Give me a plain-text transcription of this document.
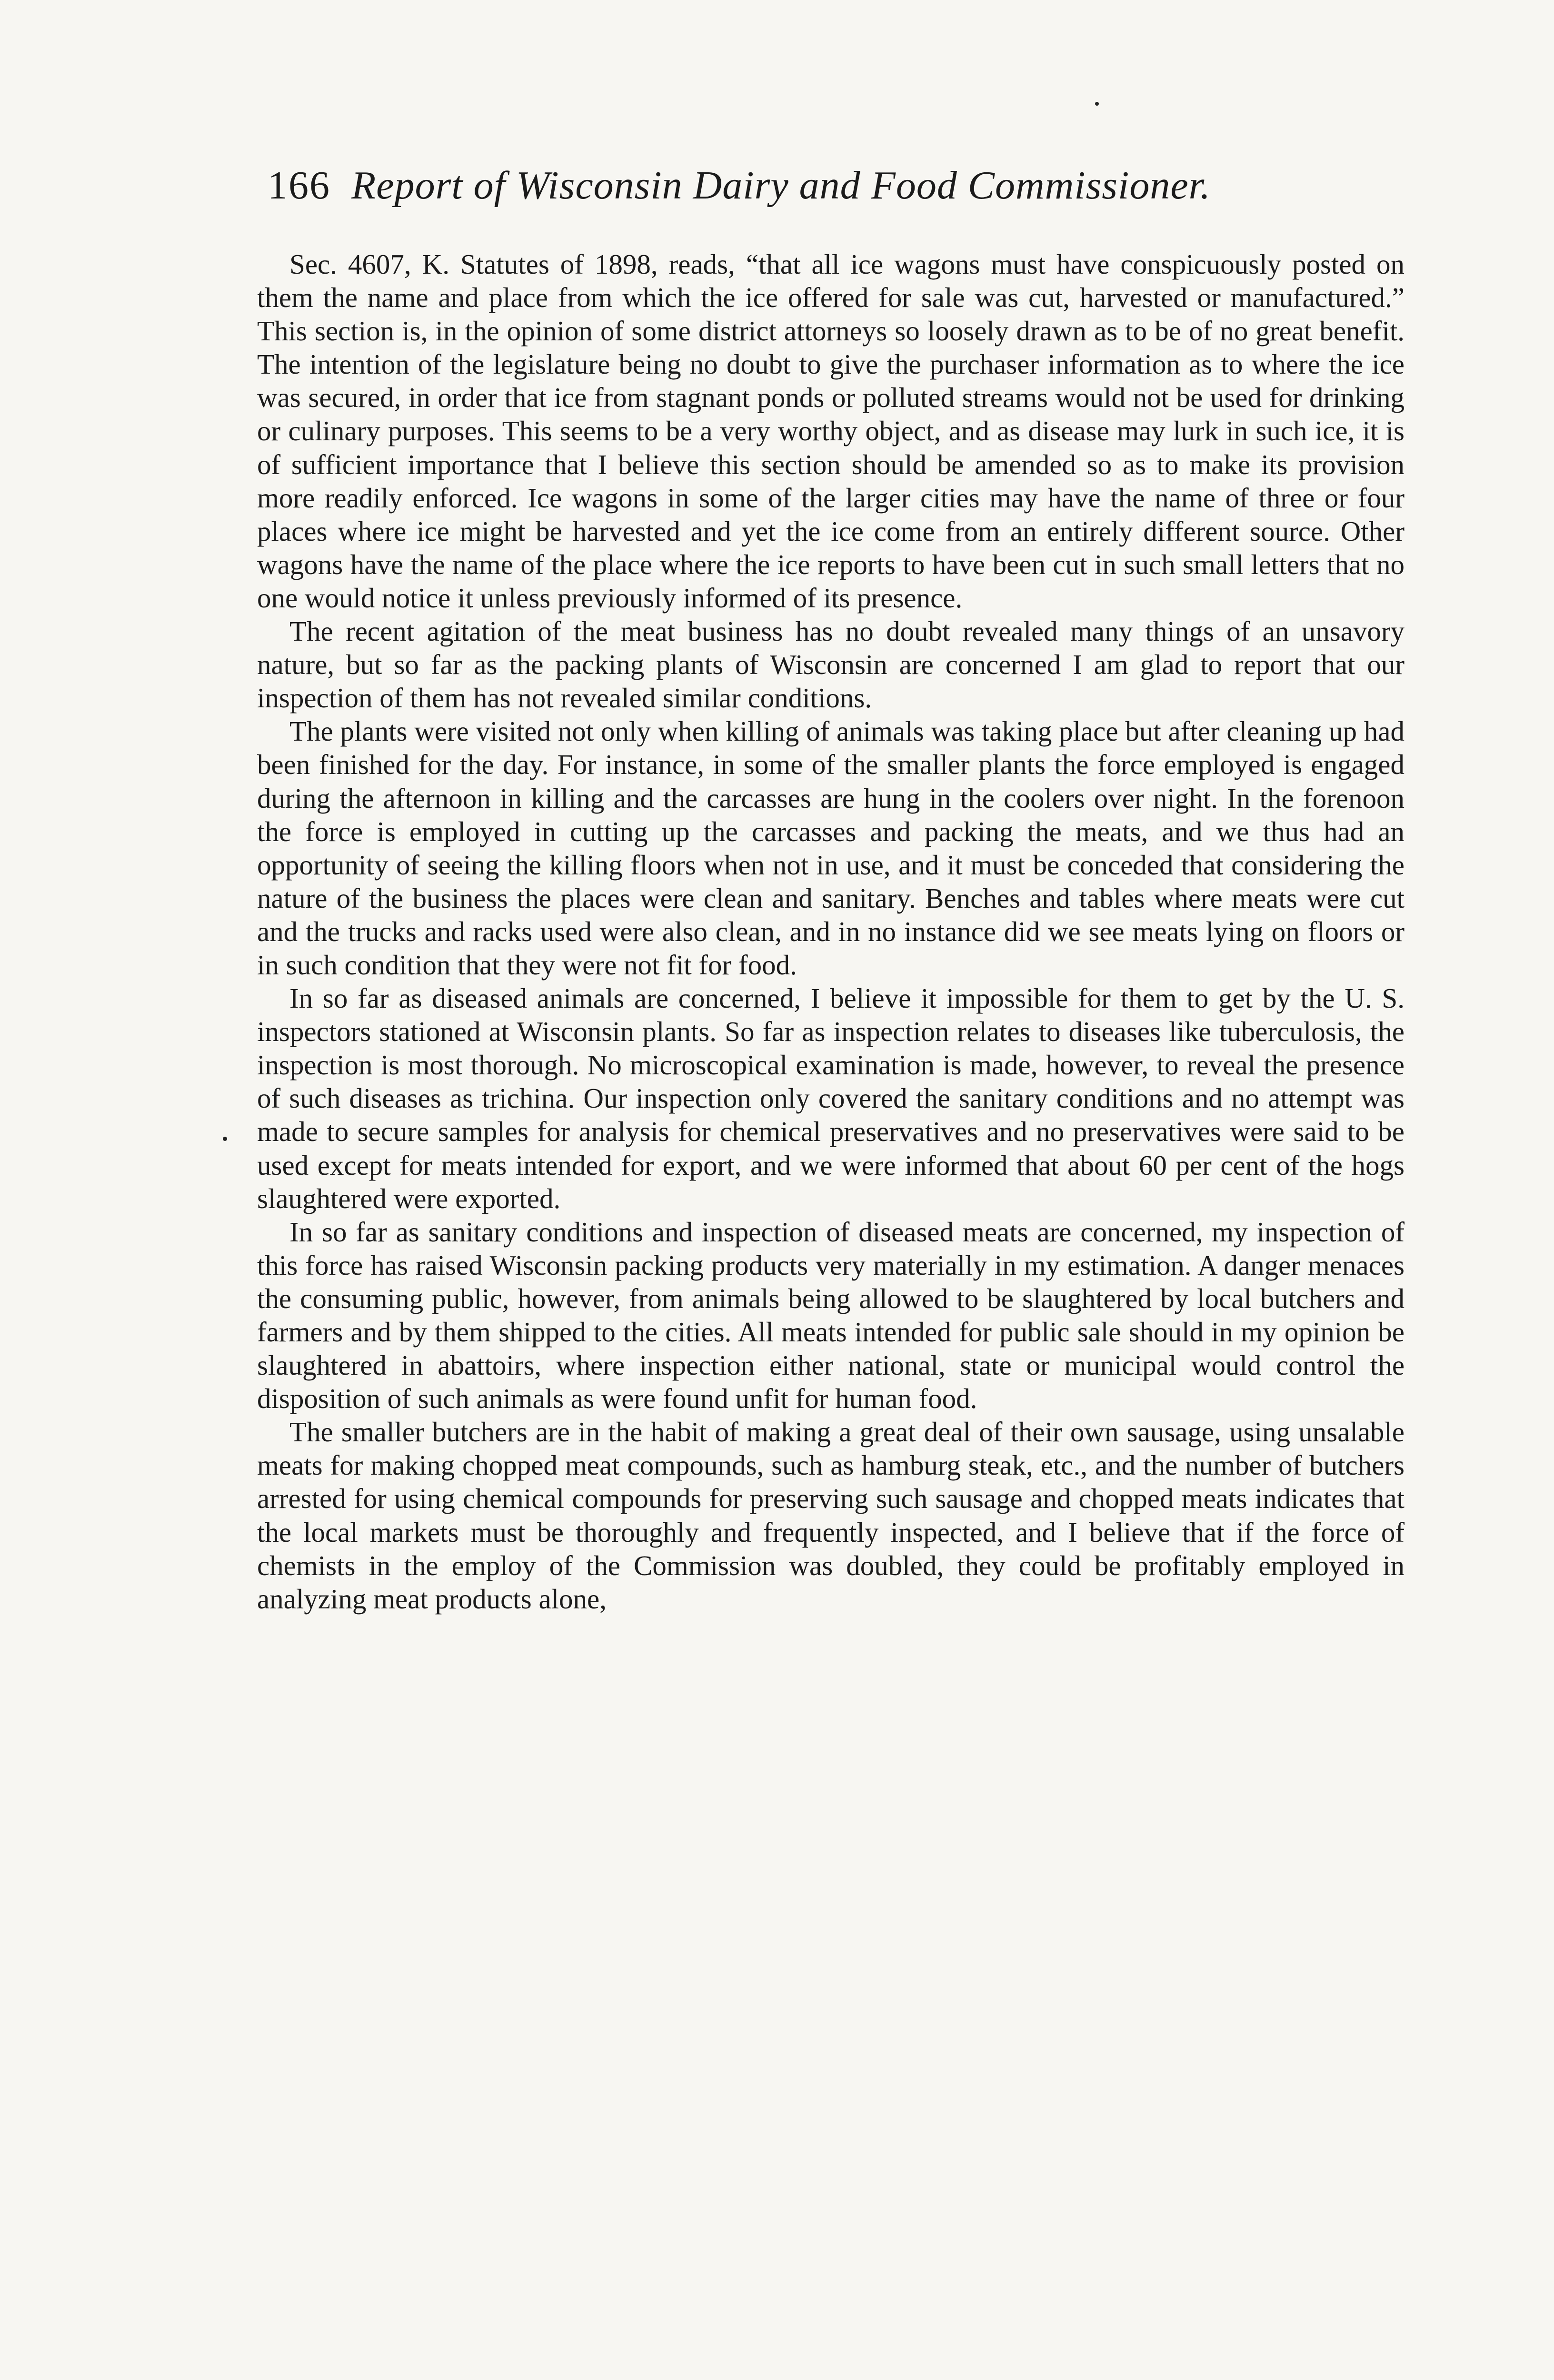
166 Report of Wisconsin Dairy and Food Commissioner.

Sec. 4607, K. Statutes of 1898, reads, “that all ice wagons must have conspicuously posted on them the name and place from which the ice offered for sale was cut, harvested or manufactured.” This section is, in the opinion of some district attorneys so loosely drawn as to be of no great benefit. The intention of the legislature being no doubt to give the purchaser information as to where the ice was secured, in order that ice from stagnant ponds or polluted streams would not be used for drinking or culinary purposes. This seems to be a very worthy object, and as disease may lurk in such ice, it is of sufficient importance that I believe this section should be amended so as to make its provision more readily enforced. Ice wagons in some of the larger cities may have the name of three or four places where ice might be harvested and yet the ice come from an entirely different source. Other wagons have the name of the place where the ice reports to have been cut in such small letters that no one would notice it unless previously informed of its presence.

The recent agitation of the meat business has no doubt revealed many things of an unsavory nature, but so far as the packing plants of Wisconsin are concerned I am glad to report that our inspection of them has not revealed similar conditions.

The plants were visited not only when killing of animals was taking place but after cleaning up had been finished for the day. For instance, in some of the smaller plants the force employed is engaged during the afternoon in killing and the carcasses are hung in the coolers over night. In the forenoon the force is employed in cutting up the carcasses and packing the meats, and we thus had an opportunity of seeing the killing floors when not in use, and it must be conceded that considering the nature of the business the places were clean and sanitary. Benches and tables where meats were cut and the trucks and racks used were also clean, and in no instance did we see meats lying on floors or in such condition that they were not fit for food.

In so far as diseased animals are concerned, I believe it impossible for them to get by the U. S. inspectors stationed at Wisconsin plants. So far as inspection relates to diseases like tuberculosis, the inspection is most thorough. No microscopical examination is made, however, to reveal the presence of such diseases as trichina. Our inspection only covered the sanitary conditions and no attempt was made to secure samples for analysis for chemical preservatives and no preservatives were said to be used except for meats intended for export, and we were informed that about 60 per cent of the hogs slaughtered were exported.

In so far as sanitary conditions and inspection of diseased meats are concerned, my inspection of this force has raised Wisconsin packing products very materially in my estimation. A danger menaces the consuming public, however, from animals being allowed to be slaughtered by local butchers and farmers and by them shipped to the cities. All meats intended for public sale should in my opinion be slaughtered in abattoirs, where inspection either national, state or municipal would control the disposition of such animals as were found unfit for human food.

The smaller butchers are in the habit of making a great deal of their own sausage, using unsalable meats for making chopped meat compounds, such as hamburg steak, etc., and the number of butchers arrested for using chemical compounds for preserving such sausage and chopped meats indicates that the local markets must be thoroughly and frequently inspected, and I believe that if the force of chemists in the employ of the Commission was doubled, they could be profitably employed in analyzing meat products alone,
